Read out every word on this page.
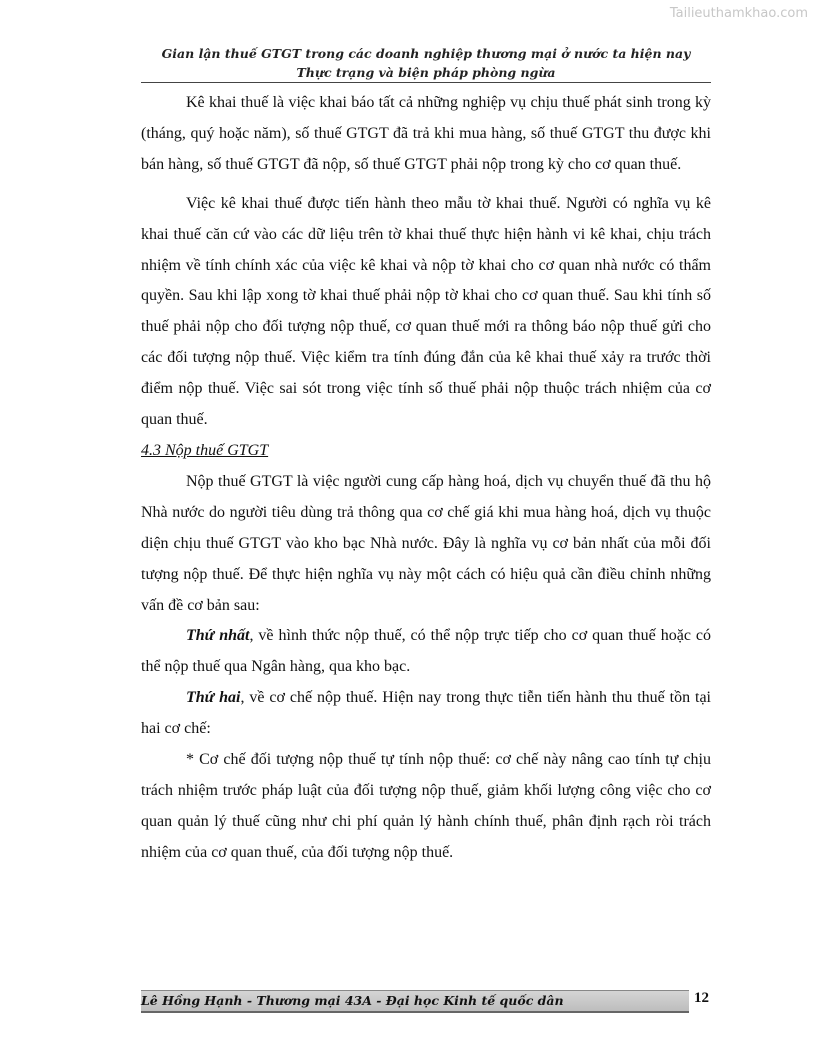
Tailieuthamkhao.com
Gian lận thuế GTGT trong các doanh nghiệp thương mại ở nước ta hiện nay
Thực trạng và biện pháp phòng ngừa

Kê khai thuế là việc khai báo tất cả những nghiệp vụ chịu thuế phát sinh trong kỳ (tháng, quý hoặc năm), số thuế GTGT đã trả khi mua hàng, số thuế GTGT thu được khi bán hàng, số thuế GTGT đã nộp, số thuế GTGT phải nộp trong kỳ cho cơ quan thuế.

Việc kê khai thuế được tiến hành theo mẫu tờ khai thuế. Người có nghĩa vụ kê khai thuế căn cứ vào các dữ liệu trên tờ khai thuế thực hiện hành vi kê khai, chịu trách nhiệm về tính chính xác của việc kê khai và nộp tờ khai cho cơ quan nhà nước có thẩm quyền. Sau khi lập xong tờ khai thuế phải nộp tờ khai cho cơ quan thuế. Sau khi tính số thuế phải nộp cho đối tượng nộp thuế, cơ quan thuế mới ra thông báo nộp thuế gửi cho các đối tượng nộp thuế. Việc kiểm tra tính đúng đắn của kê khai thuế xảy ra trước thời điểm nộp thuế. Việc sai sót trong việc tính số thuế phải nộp thuộc trách nhiệm của cơ quan thuế.

4.3 Nộp thuế GTGT

Nộp thuế GTGT là việc người cung cấp hàng hoá, dịch vụ chuyển thuế đã thu hộ Nhà nước do người tiêu dùng trả thông qua cơ chế giá khi mua hàng hoá, dịch vụ thuộc diện chịu thuế GTGT vào kho bạc Nhà nước. Đây là nghĩa vụ cơ bản nhất của mỗi đối tượng nộp thuế. Để thực hiện nghĩa vụ này một cách có hiệu quả cần điều chỉnh những vấn đề cơ bản sau:

Thứ nhất, về hình thức nộp thuế, có thể nộp trực tiếp cho cơ quan thuế hoặc có thể nộp thuế qua Ngân hàng, qua kho bạc.

Thứ hai, về cơ chế nộp thuế. Hiện nay trong thực tiễn tiến hành thu thuế tồn tại hai cơ chế:

* Cơ chế đối tượng nộp thuế tự tính nộp thuế: cơ chế này nâng cao tính tự chịu trách nhiệm trước pháp luật của đối tượng nộp thuế, giảm khối lượng công việc cho cơ quan quản lý thuế cũng như chi phí quản lý hành chính thuế, phân định rạch ròi trách nhiệm của cơ quan thuế, của đối tượng nộp thuế.

Lê Hồng Hạnh - Thương mại 43A - Đại học Kinh tế quốc dân	12
